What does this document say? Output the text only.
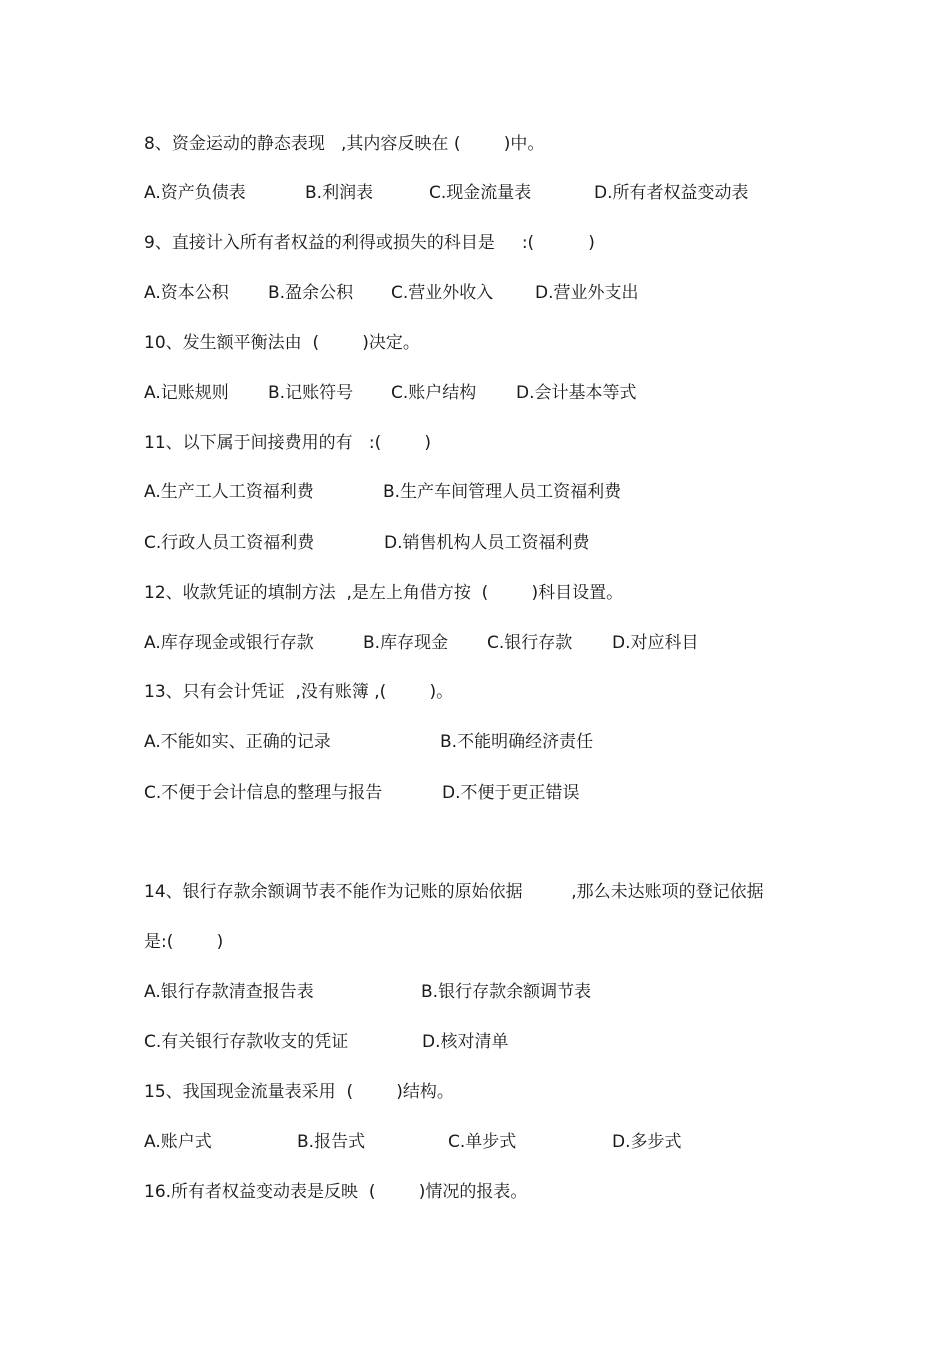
8、资金运动的静态表现   ,其内容反映在 (        )中。
A.资产负债表	B.利润表	C.现金流量表	D.所有者权益变动表
9、直接计入所有者权益的利得或损失的科目是     :(          )
A.资本公积 B.盈余公积 C.营业外收入 D.营业外支出
10、发生额平衡法由  (        )决定。
A.记账规则 B.记账符号 C.账户结构 D.会计基本等式
11、以下属于间接费用的有   :(        )
A.生产工人工资福利费	B.生产车间管理人员工资福利费
C.行政人员工资福利费	D.销售机构人员工资福利费
12、收款凭证的填制方法  ,是左上角借方按  (        )科目设置。
A.库存现金或银行存款	B.库存现金 C.银行存款 D.对应科目
13、只有会计凭证  ,没有账簿 ,(        )。
A.不能如实、正确的记录	B.不能明确经济责任
C.不便于会计信息的整理与报告	D.不便于更正错误
14、银行存款余额调节表不能作为记账的原始依据         ,那么未达账项的登记依据
是:(        )
A.银行存款清查报告表	B.银行存款余额调节表
C.有关银行存款收支的凭证	D.核对清单
15、我国现金流量表采用  (        )结构。
A.账户式	B.报告式	C.单步式	D.多步式
16.所有者权益变动表是反映  (        )情况的报表。
